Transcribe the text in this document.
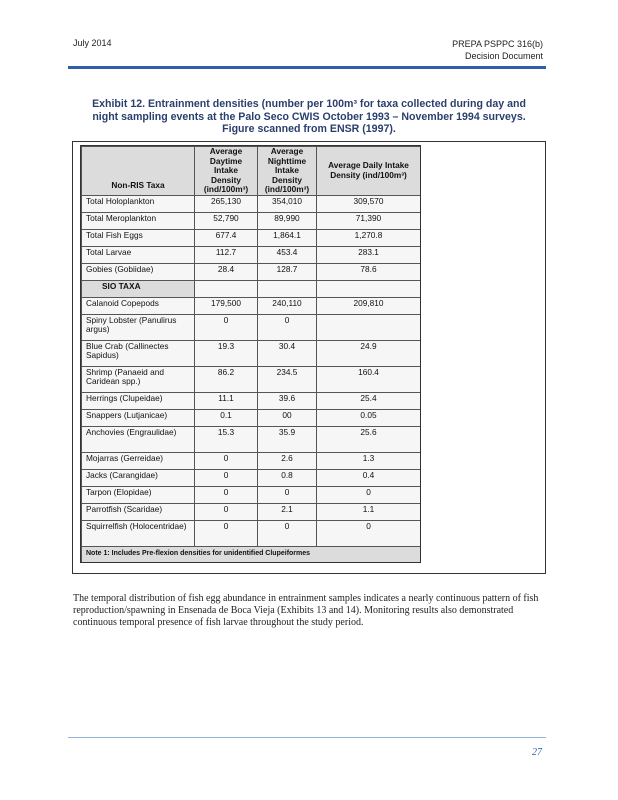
July 2014	PREPA PSPPC 316(b)
Decision Document
Exhibit 12. Entrainment densities (number per 100m³ for taxa collected during day and night sampling events at the Palo Seco CWIS October 1993 – November 1994 surveys. Figure scanned from ENSR (1997).
Non-RIS Taxa	Average Daytime Intake Density (ind/100m³)	Average Nighttime Intake Density (ind/100m³)	Average Daily Intake Density (ind/100m³)
Total Holoplankton	265,130	354,010	309,570
Total Meroplankton	52,790	89,990	71,390
Total Fish Eggs	677.4	1,864.1	1,270.8
Total Larvae	112.7	453.4	283.1
Gobies (Gobiidae)	28.4	128.7	78.6
SIO TAXA			
Calanoid Copepods	179,500	240,110	209,810
Spiny Lobster (Panulirus argus)	0	0	
Blue Crab (Callinectes Sapidus)	19.3	30.4	24.9
Shrimp (Panaeid and Caridean spp.)	86.2	234.5	160.4
Herrings (Clupeidae)	11.1	39.6	25.4
Snappers (Lutjanicae)	0.1	00	0.05
Anchovies (Engraulidae)	15.3	35.9	25.6
Mojarras (Gerreidae)	0	2.6	1.3
Jacks (Carangidae)	0	0.8	0.4
Tarpon (Elopidae)	0	0	0
Parrotfish (Scaridae)	0	2.1	1.1
Squirrelfish (Holocentridae)	0	0	0
Note 1: Includes Pre-flexion densities for unidentified Clupeiformes			
The temporal distribution of fish egg abundance in entrainment samples indicates a nearly continuous pattern of fish reproduction/spawning in Ensenada de Boca Vieja (Exhibits 13 and 14). Monitoring results also demonstrated continuous temporal presence of fish larvae throughout the study period.
27
